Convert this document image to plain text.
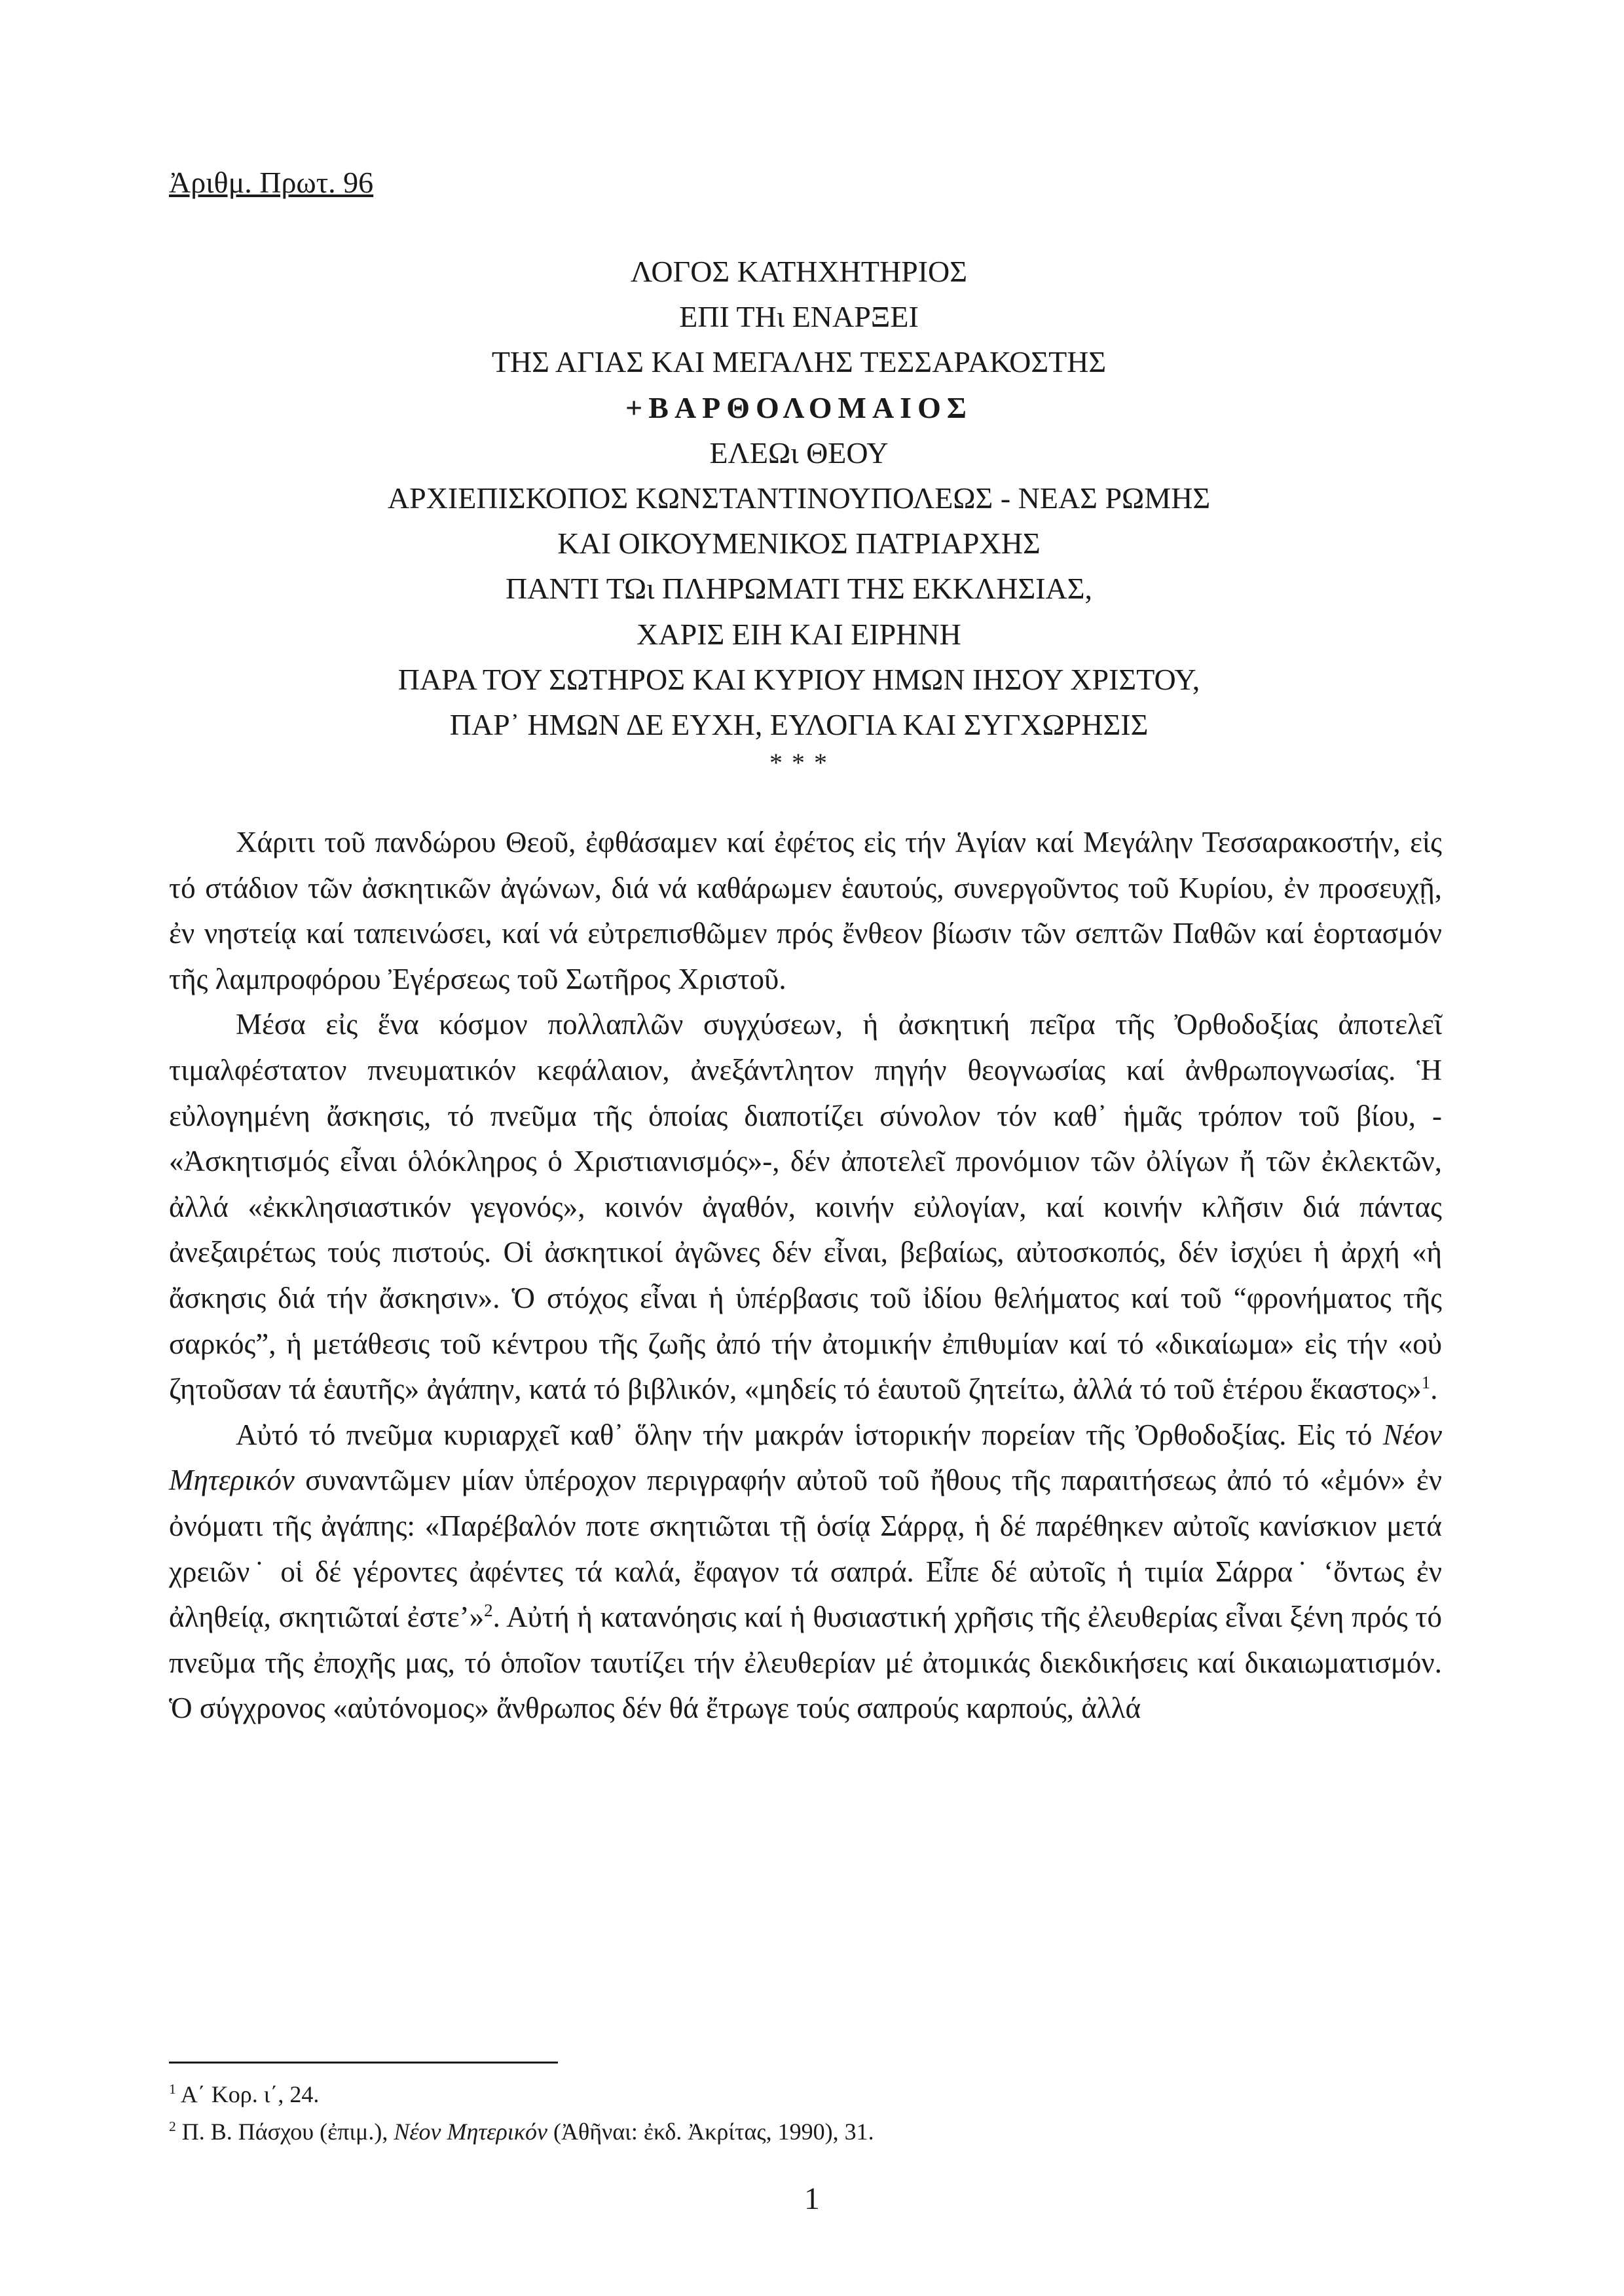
Ἀριθμ. Πρωτ. 96

ΛΟΓΟΣ ΚΑΤΗΧΗΤΗΡΙΟΣ

ΕΠΙ ΤΗι ΕΝΑΡΞΕΙ

ΤΗΣ ΑΓΙΑΣ ΚΑΙ ΜΕΓΑΛΗΣ ΤΕΣΣΑΡΑΚΟΣΤΗΣ

+ΒΑΡΘΟΛΟΜΑΙΟΣ

ΕΛΕΩι ΘΕΟΥ

ΑΡΧΙΕΠΙΣΚΟΠΟΣ ΚΩΝΣΤΑΝΤΙΝΟΥΠΟΛΕΩΣ - ΝΕΑΣ ΡΩΜΗΣ

ΚΑΙ ΟΙΚΟΥΜΕΝΙΚΟΣ ΠΑΤΡΙΑΡΧΗΣ

ΠΑΝΤΙ ΤΩι ΠΛΗΡΩΜΑΤΙ ΤΗΣ ΕΚΚΛΗΣΙΑΣ,

ΧΑΡΙΣ ΕΙΗ ΚΑΙ ΕΙΡΗΝΗ

ΠΑΡΑ ΤΟΥ ΣΩΤΗΡΟΣ ΚΑΙ ΚΥΡΙΟΥ ΗΜΩΝ ΙΗΣΟΥ ΧΡΙΣΤΟΥ,

ΠΑΡ᾽ ΗΜΩΝ ΔΕ ΕΥΧΗ, ΕΥΛΟΓΙΑ ΚΑΙ ΣΥΓΧΩΡΗΣΙΣ

* * *

Χάριτι τοῦ πανδώρου Θεοῦ, ἐφθάσαμεν καί ἐφέτος εἰς τήν Ἁγίαν καί Μεγάλην Τεσσαρακοστήν, εἰς τό στάδιον τῶν ἀσκητικῶν ἀγώνων, διά νά καθάρωμεν ἑαυτούς, συνεργοῦντος τοῦ Κυρίου, ἐν προσευχῇ, ἐν νηστείᾳ καί ταπεινώσει, καί νά εὐτρεπισθῶμεν πρός ἔνθεον βίωσιν τῶν σεπτῶν Παθῶν καί ἑορτασμόν τῆς λαμπροφόρου Ἐγέρσεως τοῦ Σωτῆρος Χριστοῦ.

Μέσα εἰς ἕνα κόσμον πολλαπλῶν συγχύσεων, ἡ ἀσκητική πεῖρα τῆς Ὀρθοδοξίας ἀποτελεῖ τιμαλφέστατον πνευματικόν κεφάλαιον, ἀνεξάντλητον πηγήν θεογνωσίας καί ἀνθρωπογνωσίας. Ἡ εὐλογημένη ἄσκησις, τό πνεῦμα τῆς ὁποίας διαποτίζει σύνολον τόν καθ᾽ ἡμᾶς τρόπον τοῦ βίου, - «Ἀσκητισμός εἶναι ὁλόκληρος ὁ Χριστιανισμός»-, δέν ἀποτελεῖ προνόμιον τῶν ὀλίγων ἤ τῶν ἐκλεκτῶν, ἀλλά «ἐκκλησιαστικόν γεγονός», κοινόν ἀγαθόν, κοινήν εὐλογίαν, καί κοινήν κλῆσιν διά πάντας ἀνεξαιρέτως τούς πιστούς. Οἱ ἀσκητικοί ἀγῶνες δέν εἶναι, βεβαίως, αὐτοσκοπός, δέν ἰσχύει ἡ ἀρχή «ἡ ἄσκησις διά τήν ἄσκησιν». Ὁ στόχος εἶναι ἡ ὑπέρβασις τοῦ ἰδίου θελήματος καί τοῦ “φρονήματος τῆς σαρκός”, ἡ μετάθεσις τοῦ κέντρου τῆς ζωῆς ἀπό τήν ἀτομικήν ἐπιθυμίαν καί τό «δικαίωμα» εἰς τήν «οὐ ζητοῦσαν τά ἑαυτῆς» ἀγάπην, κατά τό βιβλικόν, «μηδείς τό ἑαυτοῦ ζητείτω, ἀλλά τό τοῦ ἑτέρου ἕκαστος»$^1$.

Αὐτό τό πνεῦμα κυριαρχεῖ καθ᾽ ὅλην τήν μακράν ἱστορικήν πορείαν τῆς Ὀρθοδοξίας. Εἰς τό Νέον Μητερικόν συναντῶμεν μίαν ὑπέροχον περιγραφήν αὐτοῦ τοῦ ἤθους τῆς παραιτήσεως ἀπό τό «ἐμόν» ἐν ὀνόματι τῆς ἀγάπης: «Παρέβαλόν ποτε σκητιῶται τῇ ὁσίᾳ Σάρρᾳ, ἡ δέ παρέθηκεν αὐτοῖς κανίσκιον μετά χρειῶν˙ οἱ δέ γέροντες ἀφέντες τά καλά, ἔφαγον τά σαπρά. Εἶπε δέ αὐτοῖς ἡ τιμία Σάρρα˙ ‘ὄντως ἐν ἀληθείᾳ, σκητιῶταί ἐστε’»$^2$. Αὐτή ἡ κατανόησις καί ἡ θυσιαστική χρῆσις τῆς ἐλευθερίας εἶναι ξένη πρός τό πνεῦμα τῆς ἐποχῆς μας, τό ὁποῖον ταυτίζει τήν ἐλευθερίαν μέ ἀτομικάς διεκδικήσεις καί δικαιωματισμόν. Ὁ σύγχρονος «αὐτόνομος» ἄνθρωπος δέν θά ἔτρωγε τούς σαπρούς καρπούς, ἀλλά

$^1$ Α΄ Κορ. ι΄, 24.

$^2$ Π. Β. Πάσχου (ἐπιμ.), Νέον Μητερικόν (Ἀθῆναι: ἐκδ. Ἀκρίτας, 1990), 31.

1
